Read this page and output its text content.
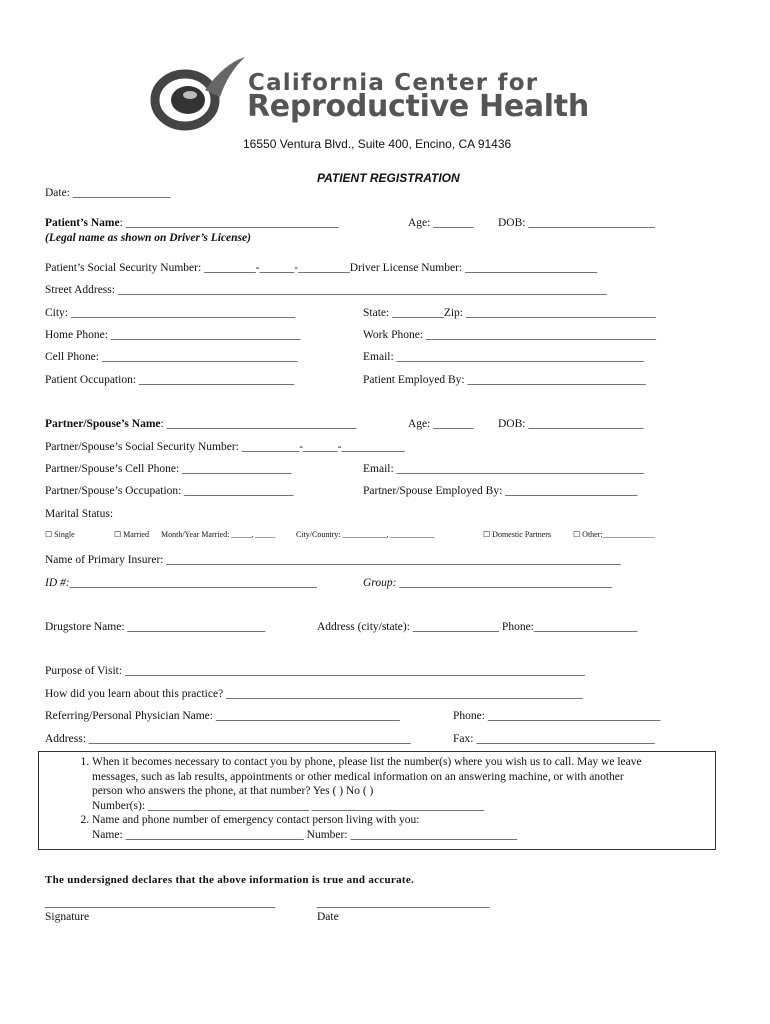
California Center for
Reproductive Health
16550 Ventura Blvd., Suite 400, Encino, CA 91436
PATIENT REGISTRATION
Date: _________________
Patient’s Name: _____________________________________
(Legal name as shown on Driver’s License)
Age: _______ DOB: ______________________
Patient’s Social Security Number: _________-______-_________Driver License Number: _______________________
Street Address: _____________________________________________________________________________________
City: _______________________________________	State: _________Zip: _________________________________
Home Phone: _________________________________	Work Phone: ________________________________________
Cell Phone: __________________________________	Email: ___________________________________________
Patient Occupation: ___________________________	Patient Employed By: _______________________________
Partner/Spouse’s Name: _________________________________	Age: _______ DOB: ____________________
Partner/Spouse’s Social Security Number: __________-______-___________
Partner/Spouse’s Cell Phone: ___________________	Email: ___________________________________________
Partner/Spouse’s Occupation: ___________________	Partner/Spouse Employed By: _______________________
Marital Status:
☐ Single	☐ Married Month/Year Married: _____, _____	City/Country: ___________, ___________	☐ Domestic Partners	☐ Other:_____________
Name of Primary Insurer: _______________________________________________________________________________
ID #:___________________________________________	Group: _____________________________________
Drugstore Name: ________________________	Address (city/state): _______________ Phone:__________________
Purpose of Visit: ________________________________________________________________________________
How did you learn about this practice? ______________________________________________________________
Referring/Personal Physician Name: ________________________________	Phone: ______________________________
Address: ________________________________________________________	Fax: _______________________________
1. When it becomes necessary to contact you by phone, please list the number(s) where you wish us to call. May we leave
messages, such as lab results, appointments or other medical information on an answering machine, or with another
person who answers the phone, at that number? Yes ( ) No ( )
Number(s): ____________________________ ______________________________
2. Name and phone number of emergency contact person living with you:
Name: _______________________________ Number: _____________________________
The undersigned declares that the above information is true and accurate.
________________________________________	______________________________
Signature	Date
